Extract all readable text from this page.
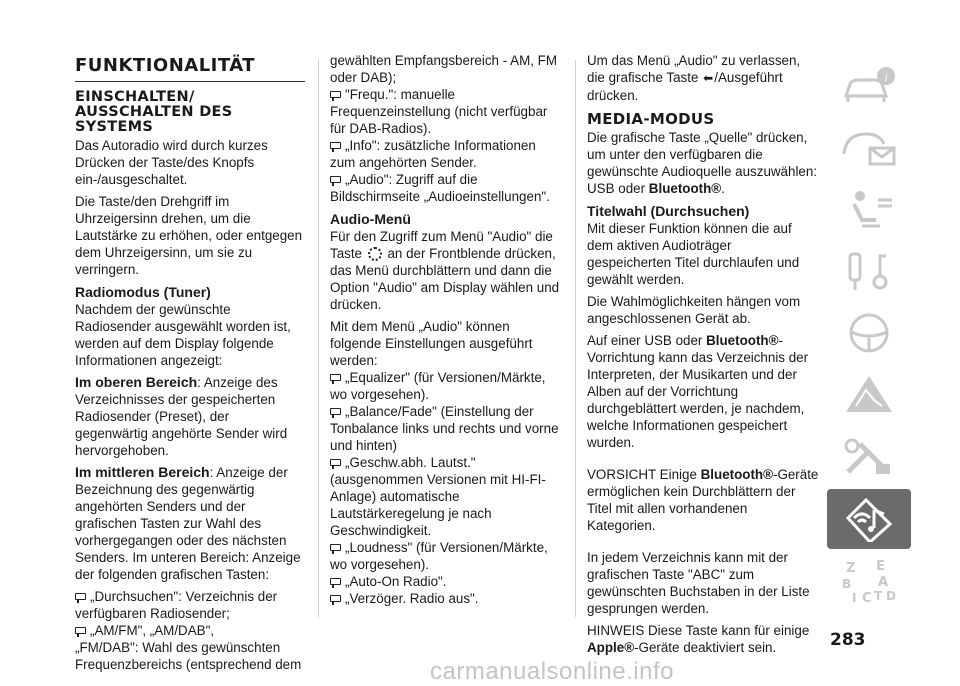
FUNKTIONALITÄT
EINSCHALTEN/ AUSSCHALTEN DES SYSTEMS

Das Autoradio wird durch kurzes Drücken der Taste/des Knopfs ein-/ausgeschaltet.

Die Taste/den Drehgriff im Uhrzeigersinn drehen, um die Lautstärke zu erhöhen, oder entgegen dem Uhrzeigersinn, um sie zu verringern.

Radiomodus (Tuner)

Nachdem der gewünschte Radiosender ausgewählt worden ist, werden auf dem Display folgende Informationen angezeigt:

Im oberen Bereich: Anzeige des Verzeichnisses der gespeicherten Radiosender (Preset), der gegenwärtig angehörte Sender wird hervorgehoben.

Im mittleren Bereich: Anzeige der Bezeichnung des gegenwärtig angehörten Senders und der grafischen Tasten zur Wahl des vorhergegangen oder des nächsten Senders. Im unteren Bereich: Anzeige der folgenden grafischen Tasten:

„Durchsuchen": Verzeichnis der verfügbaren Radiosender;
„AM/FM", „AM/DAB",
„FM/DAB": Wahl des gewünschten Frequenzbereichs (entsprechend dem

gewählten Empfangsbereich - AM, FM oder DAB);

"Frequ.": manuelle Frequenzeinstellung (nicht verfügbar für DAB-Radios).
„Info": zusätzliche Informationen zum angehörten Sender.
„Audio": Zugriff auf die Bildschirmseite „Audioeinstellungen".
Audio-Menü

Für den Zugriff zum Menü "Audio" die
Taste an der Frontblende drücken, das Menü durchblättern und dann die Option "Audio" am Display wählen und drücken.

Mit dem Menü „Audio" können folgende Einstellungen ausgeführt werden:

„Equalizer" (für Versionen/Märkte, wo vorgesehen).
„Balance/Fade" (Einstellung der Tonbalance links und rechts und vorne und hinten)
„Geschw.abh. Lautst." (ausgenommen Versionen mit HI-FI-Anlage) automatische Lautstärkeregelung je nach Geschwindigkeit.
„Loudness" (für Versionen/Märkte, wo vorgesehen).
„Auto-On Radio".
„Verzöger. Radio aus".

Um das Menü „Audio" zu verlassen, die grafische Taste ⬅/Ausgeführt drücken.

MEDIA-MODUS

Die grafische Taste „Quelle" drücken, um unter den verfügbaren die gewünschte Audioquelle auszuwählen: USB oder Bluetooth®.

Titelwahl (Durchsuchen)

Mit dieser Funktion können die auf dem aktiven Audioträger gespeicherten Titel durchlaufen und gewählt werden.

Die Wahlmöglichkeiten hängen vom angeschlossenen Gerät ab.

Auf einer USB oder Bluetooth®- Vorrichtung kann das Verzeichnis der Interpreten, der Musikarten und der Alben auf der Vorrichtung durchgeblättert werden, je nachdem, welche Informationen gespeichert wurden.

VORSICHT Einige Bluetooth®-Geräte ermöglichen kein Durchblättern der Titel mit allen vorhandenen Kategorien.

In jedem Verzeichnis kann mit der grafischen Taste "ABC" zum gewünschten Buchstaben in der Liste gesprungen werden.

HINWEIS Diese Taste kann für einige Apple®-Geräte deaktiviert sein.

i
Z E
B A
I C T D
283
carmanualsonline.info
